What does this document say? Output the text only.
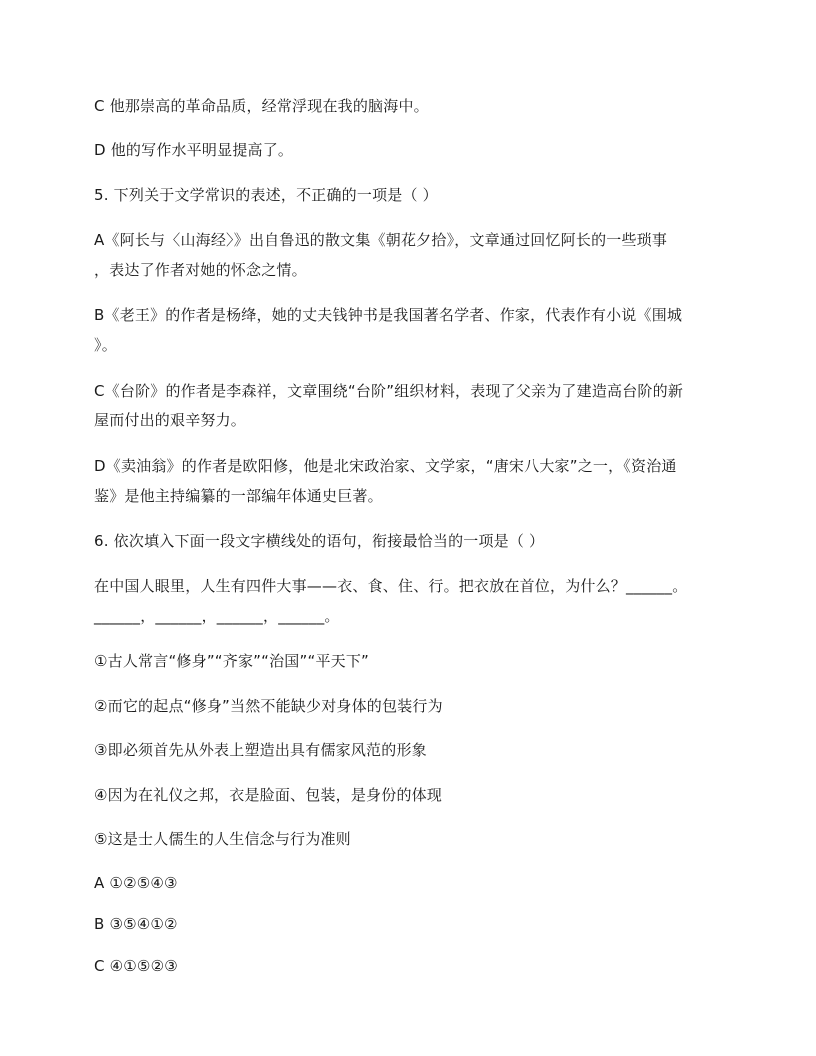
C 他那崇高的革命品质，经常浮现在我的脑海中。
D 他的写作水平明显提高了。
5. 下列关于文学常识的表述，不正确的一项是（ ）
A《阿长与〈山海经〉》出自鲁迅的散文集《朝花夕拾》，文章通过回忆阿长的一些琐事
，表达了作者对她的怀念之情。
B《老王》的作者是杨绛，她的丈夫钱钟书是我国著名学者、作家，代表作有小说《围城
》。
C《台阶》的作者是李森祥，文章围绕“台阶”组织材料，表现了父亲为了建造高台阶的新
屋而付出的艰辛努力。
D《卖油翁》的作者是欧阳修，他是北宋政治家、文学家，“唐宋八大家”之一，《资治通
鉴》是他主持编纂的一部编年体通史巨著。
6. 依次填入下面一段文字横线处的语句，衔接最恰当的一项是（ ）
在中国人眼里，人生有四件大事——衣、食、住、行。把衣放在首位，为什么？______。
______，______，______，______。
①古人常言“修身”“齐家”“治国”“平天下”
②而它的起点“修身”当然不能缺少对身体的包装行为
③即必须首先从外表上塑造出具有儒家风范的形象
④因为在礼仪之邦，衣是脸面、包装，是身份的体现
⑤这是士人儒生的人生信念与行为准则
A ①②⑤④③
B ③⑤④①②
C ④①⑤②③
